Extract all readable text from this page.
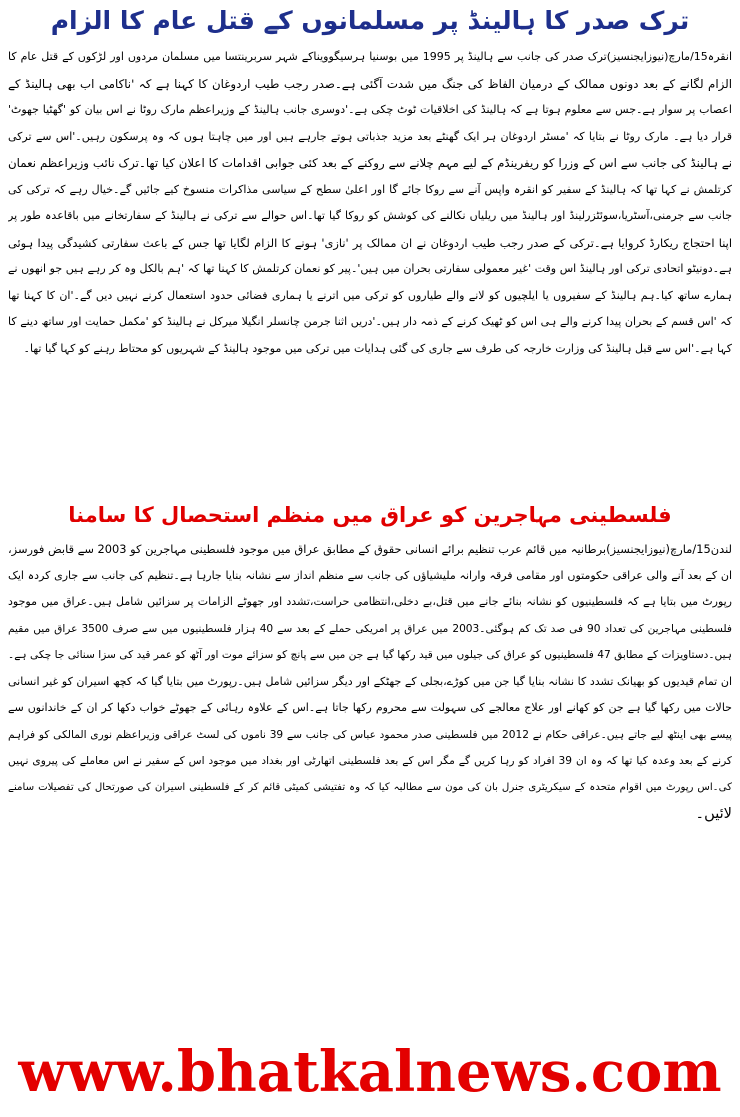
ترک صدر کا ہالینڈ پر مسلمانوں کے قتل عام کا الزام
انقرہ15/مارچ(نیوزایجنسیز)ترک صدر کی جانب سے ہالینڈ پر 1995 میں بوسنیا ہرسیگوویناکے شہر سربرینتسا میں مسلمان مردوں اور لڑکوں کے قتل عام کا
الزام لگانے کے بعد دونوں ممالک کے درمیان الفاظ کی جنگ میں شدت آگئی ہے۔صدر رجب طیب اردوغان کا کہنا ہے کہ 'ناکامی اب بھی ہالینڈ کے
اعصاب پر سوار ہے۔جس سے معلوم ہوتا ہے کہ ہالینڈ کی اخلاقیات ٹوٹ چکی ہے۔'دوسری جانب ہالینڈ کے وزیراعظم مارک روٹا نے اس بیان کو 'گھٹیا جھوٹ'
قرار دیا ہے۔ مارک روٹا نے بتایا کہ 'مسٹر اردوغان ہر ایک گھنٹے بعد مزید جذباتی ہوتے جارہے ہیں اور میں چاہتا ہوں کہ وہ پرسکون رہیں۔'اس سے ترکی
نے ہالینڈ کی جانب سے اس کے وزرا کو ریفرینڈم کے لیے مہم چلانے سے روکنے کے بعد کئی جوابی اقدامات کا اعلان کیا تھا۔ترک نائب وزیراعظم نعمان
کرتلمش نے کہا تھا کہ ہالینڈ کے سفیر کو انقرہ واپس آنے سے روکا جائے گا اور اعلیٰ سطح کے سیاسی مذاکرات منسوخ کیے جائیں گے۔خیال رہے کہ ترکی کی
جانب سے جرمنی،آسٹریا،سوئٹزرلینڈ اور ہالینڈ میں ریلیاں نکالنے کی کوشش کو روکا گیا تھا۔اس حوالے سے ترکی نے ہالینڈ کے سفارتخانے میں باقاعدہ طور پر
اپنا احتجاج ریکارڈ کروایا ہے۔ترکی کے صدر رجب طیب اردوغان نے ان ممالک پر 'نازی' ہونے کا الزام لگایا تھا جس کے باعث سفارتی کشیدگی پیدا ہوئی
ہے۔دونیٹو اتحادی ترکی اور ہالینڈ اس وقت 'غیر معمولی سفارتی بحران میں ہیں'۔پیر کو نعمان کرتلمش کا کہنا تھا کہ 'ہم بالکل وہ کر رہے ہیں جو انھوں نے
ہمارے ساتھ کیا۔ہم ہالینڈ کے سفیروں یا ایلچیوں کو لانے والے طیاروں کو ترکی میں اترنے یا ہماری فضائی حدود استعمال کرنے نہیں دیں گے۔'ان کا کہنا تھا
کہ 'اس قسم کے بحران پیدا کرنے والے ہی اس کو ٹھیک کرنے کے ذمہ دار ہیں۔'دریں اثنا جرمن چانسلر انگیلا میرکل نے ہالینڈ کو 'مکمل حمایت اور ساتھ دینے کا
کہا ہے۔'اس سے قبل ہالینڈ کی وزارت خارجہ کی طرف سے جاری کی گئی ہدایات میں ترکی میں موجود ہالینڈ کے شہریوں کو محتاط رہنے کو کہا گیا تھا۔
فلسطینی مہاجرین کو عراق میں منظم استحصال کا سامنا
لندن15/مارچ(نیوزایجنسیز)برطانیہ میں قائم عرب تنظیم برائے انسانی حقوق کے مطابق عراق میں موجود فلسطینی مہاجرین کو 2003 سے قابض فورسز،
ان کے بعد آنے والی عراقی حکومتوں اور مقامی فرقہ وارانہ ملیشیاؤں کی جانب سے منظم انداز سے نشانہ بنایا جارہا ہے۔تنظیم کی جانب سے جاری کردہ ایک
رپورٹ میں بتایا ہے کہ فلسطینیوں کو نشانہ بنائے جانے میں قتل،بے دخلی،انتظامی حراست،تشدد اور جھوٹے الزامات پر سزائیں شامل ہیں۔عراق میں موجود
فلسطینی مہاجرین کی تعداد 90 فی صد تک کم ہوگئی۔2003 میں عراق پر امریکی حملے کے بعد سے 40 ہزار فلسطینیوں میں سے صرف 3500 عراق میں مقیم
ہیں۔دستاویزات کے مطابق 47 فلسطینیوں کو عراق کی جیلوں میں قید رکھا گیا ہے جن میں سے پانچ کو سزائے موت اور آٹھ کو عمر قید کی سزا سنائی جا چکی ہے۔
ان تمام قیدیوں کو بھیانک تشدد کا نشانہ بنایا گیا جن میں کوڑے،بجلی کے جھٹکے اور دیگر سزائیں شامل ہیں۔رپورٹ میں بتایا گیا کہ کچھ اسیران کو غیر انسانی
حالات میں رکھا گیا ہے جن کو کھانے اور علاج معالجے کی سہولت سے محروم رکھا جاتا ہے۔اس کے علاوہ رہائی کے جھوٹے خواب دکھا کر ان کے خاندانوں سے
پیسے بھی اینٹھ لیے جاتے ہیں۔عراقی حکام نے 2012 میں فلسطینی صدر محمود عباس کی جانب سے 39 ناموں کی لسٹ عراقی وزیراعظم نوری المالکی کو فراہم
کرنے کے بعد وعدہ کیا تھا کہ وہ ان 39 افراد کو رہا کریں گے مگر اس کے بعد فلسطینی اتھارٹی اور بغداد میں موجود اس کے سفیر نے اس معاملے کی پیروی نہیں
کی۔اس رپورٹ میں اقوام متحدہ کے سیکریٹری جنرل بان کی مون سے مطالبہ کیا کہ وہ تفتیشی کمیٹی قائم کر کے فلسطینی اسیران کی صورتحال کی تفصیلات سامنے
لائیں۔
www.bhatkalnews.com
